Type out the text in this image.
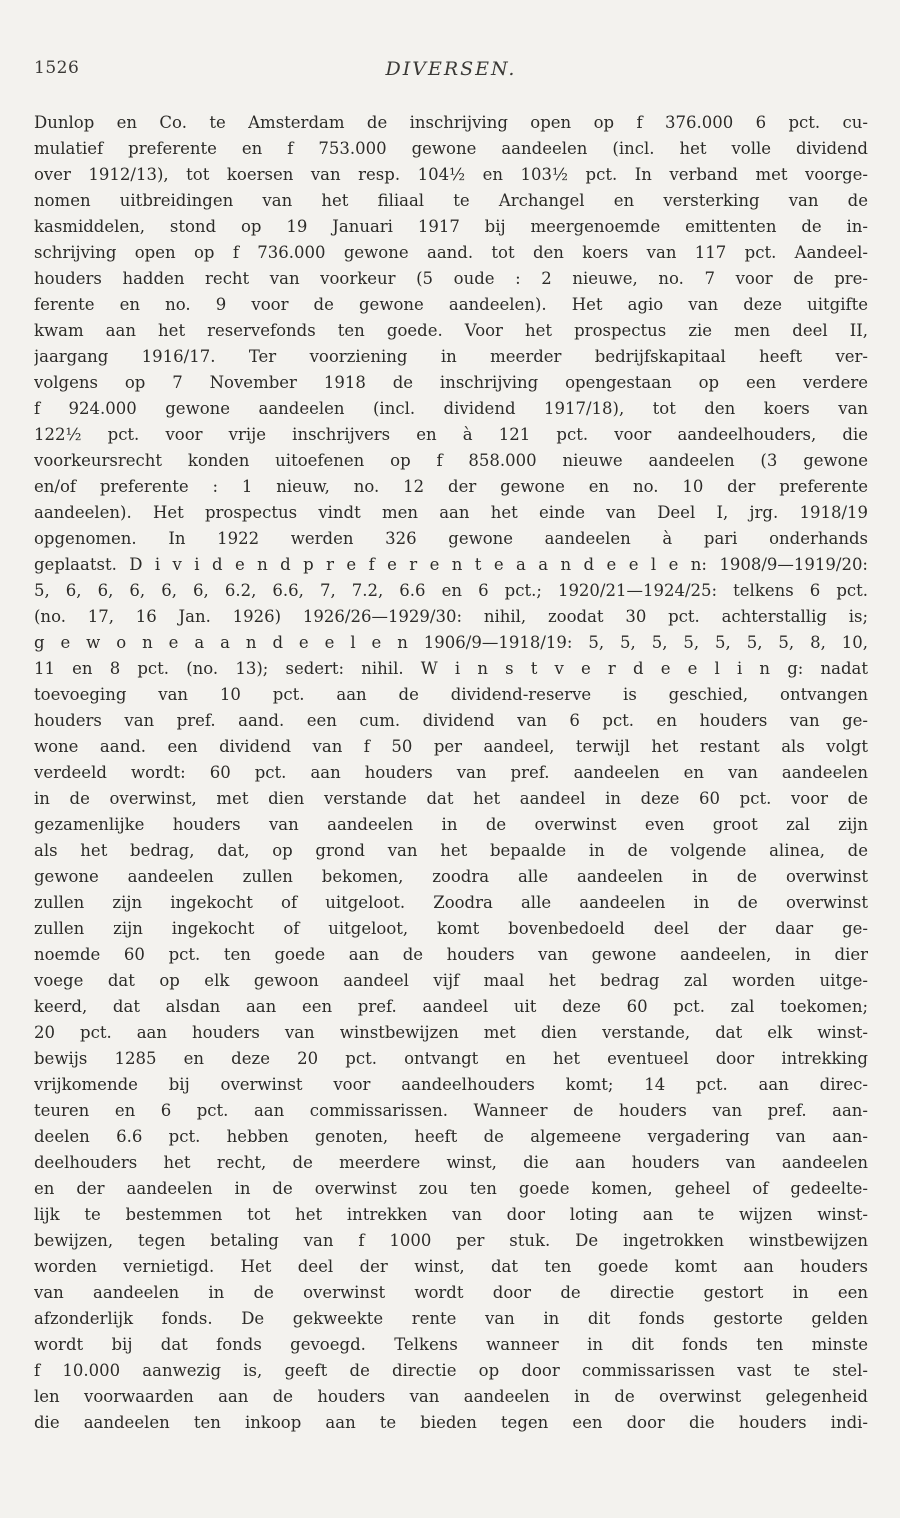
1526	DIVERSEN.
Dunlop en Co. te Amsterdam de inschrijving open op f 376.000 6 pct. cu-
mulatief preferente en f 753.000 gewone aandeelen (incl. het volle dividend
over 1912/13), tot koersen van resp. 104½ en 103½ pct. In verband met voorge-
nomen uitbreidingen van het filiaal te Archangel en versterking van de
kasmiddelen, stond op 19 Januari 1917 bij meergenoemde emittenten de in-
schrijving open op f 736.000 gewone aand. tot den koers van 117 pct. Aandeel-
houders hadden recht van voorkeur (5 oude : 2 nieuwe, no. 7 voor de pre-
ferente en no. 9 voor de gewone aandeelen). Het agio van deze uitgifte
kwam aan het reservefonds ten goede. Voor het prospectus zie men deel II,
jaargang 1916/17. Ter voorziening in meerder bedrijfskapitaal heeft ver-
volgens op 7 November 1918 de inschrijving opengestaan op een verdere
f 924.000 gewone aandeelen (incl. dividend 1917/18), tot den koers van
122½ pct. voor vrije inschrijvers en à 121 pct. voor aandeelhouders, die
voorkeursrecht konden uitoefenen op f 858.000 nieuwe aandeelen (3 gewone
en/of preferente : 1 nieuw, no. 12 der gewone en no. 10 der preferente
aandeelen). Het prospectus vindt men aan het einde van Deel I, jrg. 1918/19
opgenomen. In 1922 werden 326 gewone aandeelen à pari onderhands
geplaatst. D i v i d e n d p r e f e r e n t e a a n d e e l e n: 1908/9—1919/20:
5, 6, 6, 6, 6, 6, 6.2, 6.6, 7, 7.2, 6.6 en 6 pct.; 1920/21—1924/25: telkens 6 pct.
(no. 17, 16 Jan. 1926) 1926/26—1929/30: nihil, zoodat 30 pct. achterstallig is;
g e w o n e a a n d e e l e n 1906/9—1918/19: 5, 5, 5, 5, 5, 5, 5, 8, 10,
11 en 8 pct. (no. 13); sedert: nihil. W i n s t v e r d e e l i n g: nadat
toevoeging van 10 pct. aan de dividend-reserve is geschied, ontvangen
houders van pref. aand. een cum. dividend van 6 pct. en houders van ge-
wone aand. een dividend van f 50 per aandeel, terwijl het restant als volgt
verdeeld wordt: 60 pct. aan houders van pref. aandeelen en van aandeelen
in de overwinst, met dien verstande dat het aandeel in deze 60 pct. voor de
gezamenlijke houders van aandeelen in de overwinst even groot zal zijn
als het bedrag, dat, op grond van het bepaalde in de volgende alinea, de
gewone aandeelen zullen bekomen, zoodra alle aandeelen in de overwinst
zullen zijn ingekocht of uitgeloot. Zoodra alle aandeelen in de overwinst
zullen zijn ingekocht of uitgeloot, komt bovenbedoeld deel der daar ge-
noemde 60 pct. ten goede aan de houders van gewone aandeelen, in dier
voege dat op elk gewoon aandeel vijf maal het bedrag zal worden uitge-
keerd, dat alsdan aan een pref. aandeel uit deze 60 pct. zal toekomen;
20 pct. aan houders van winstbewijzen met dien verstande, dat elk winst-
bewijs 1285 en deze 20 pct. ontvangt en het eventueel door intrekking
vrijkomende bij overwinst voor aandeelhouders komt; 14 pct. aan direc-
teuren en 6 pct. aan commissarissen. Wanneer de houders van pref. aan-
deelen 6.6 pct. hebben genoten, heeft de algemeene vergadering van aan-
deelhouders het recht, de meerdere winst, die aan houders van aandeelen
en der aandeelen in de overwinst zou ten goede komen, geheel of gedeelte-
lijk te bestemmen tot het intrekken van door loting aan te wijzen winst-
bewijzen, tegen betaling van f 1000 per stuk. De ingetrokken winstbewijzen
worden vernietigd. Het deel der winst, dat ten goede komt aan houders
van aandeelen in de overwinst wordt door de directie gestort in een
afzonderlijk fonds. De gekweekte rente van in dit fonds gestorte gelden
wordt bij dat fonds gevoegd. Telkens wanneer in dit fonds ten minste
f 10.000 aanwezig is, geeft de directie op door commissarissen vast te stel-
len voorwaarden aan de houders van aandeelen in de overwinst gelegenheid
die aandeelen ten inkoop aan te bieden tegen een door die houders indi-
